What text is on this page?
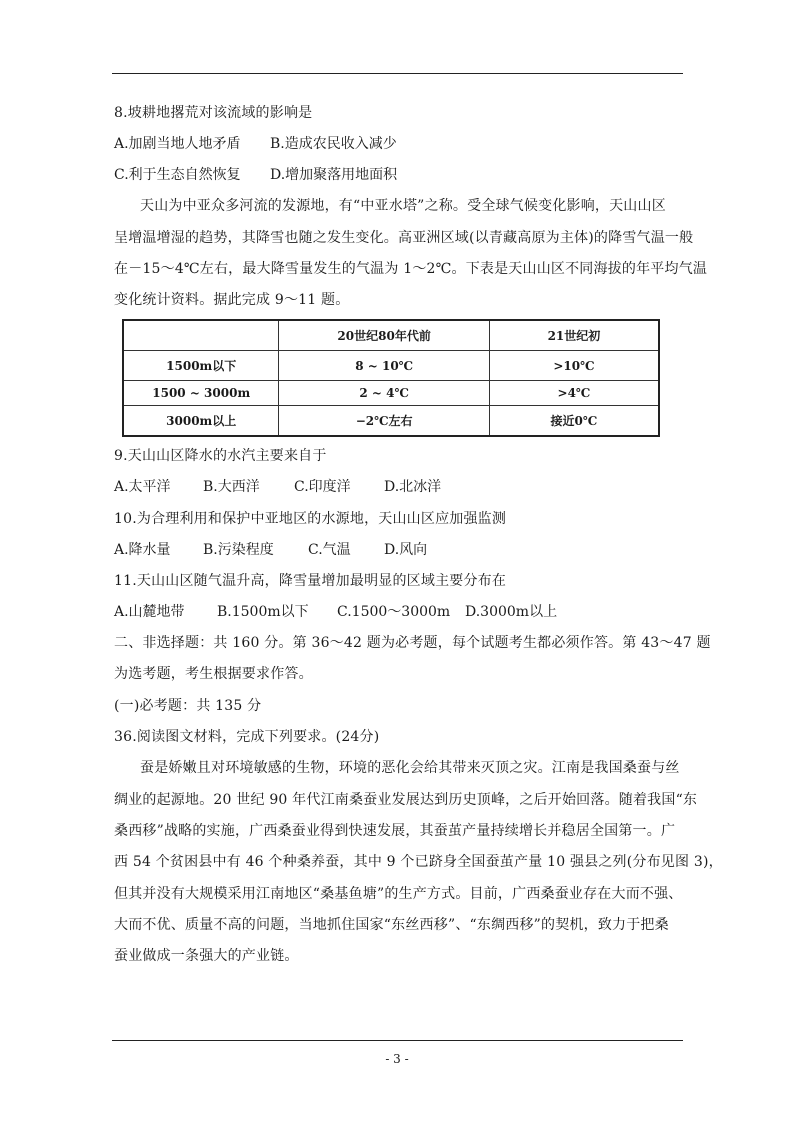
8.坡耕地撂荒对该流域的影响是
A.加剧当地人地矛盾 B.造成农民收入减少
C.利于生态自然恢复 D.增加聚落用地面积
天山为中亚众多河流的发源地，有“中亚水塔”之称。受全球气候变化影响，天山山区
呈增温增湿的趋势，其降雪也随之发生变化。高亚洲区域(以青藏高原为主体)的降雪气温一般
在－15～4℃左右，最大降雪量发生的气温为 1～2℃。下表是天山山区不同海拔的年平均气温
变化统计资料。据此完成 9～11 题。
	20世纪80年代前	21世纪初
1500m以下	8 ~ 10℃	>10℃
1500 ~ 3000m	2 ~ 4℃	>4℃
3000m以上	−2℃左右	接近0℃
9.天山山区降水的水汽主要来自于
A.太平洋 B.大西洋 C.印度洋 D.北冰洋
10.为合理利用和保护中亚地区的水源地，天山山区应加强监测
A.降水量 B.污染程度 C.气温 D.风向
11.天山山区随气温升高，降雪量增加最明显的区域主要分布在
A.山麓地带 B.1500m以下 C.1500～3000m D.3000m以上
二、非选择题：共 160 分。第 36～42 题为必考题，每个试题考生都必须作答。第 43～47 题
为选考题，考生根据要求作答。
(一)必考题：共 135 分
36.阅读图文材料，完成下列要求。(24分)
蚕是娇嫩且对环境敏感的生物，环境的恶化会给其带来灭顶之灾。江南是我国桑蚕与丝
绸业的起源地。20 世纪 90 年代江南桑蚕业发展达到历史顶峰，之后开始回落。随着我国“东
桑西移”战略的实施，广西桑蚕业得到快速发展，其蚕茧产量持续增长并稳居全国第一。广
西 54 个贫困县中有 46 个种桑养蚕，其中 9 个已跻身全国蚕茧产量 10 强县之列(分布见图 3)，
但其并没有大规模采用江南地区“桑基鱼塘”的生产方式。目前，广西桑蚕业存在大而不强、
大而不优、质量不高的问题，当地抓住国家“东丝西移”、“东绸西移”的契机，致力于把桑
蚕业做成一条强大的产业链。
- 3 -
